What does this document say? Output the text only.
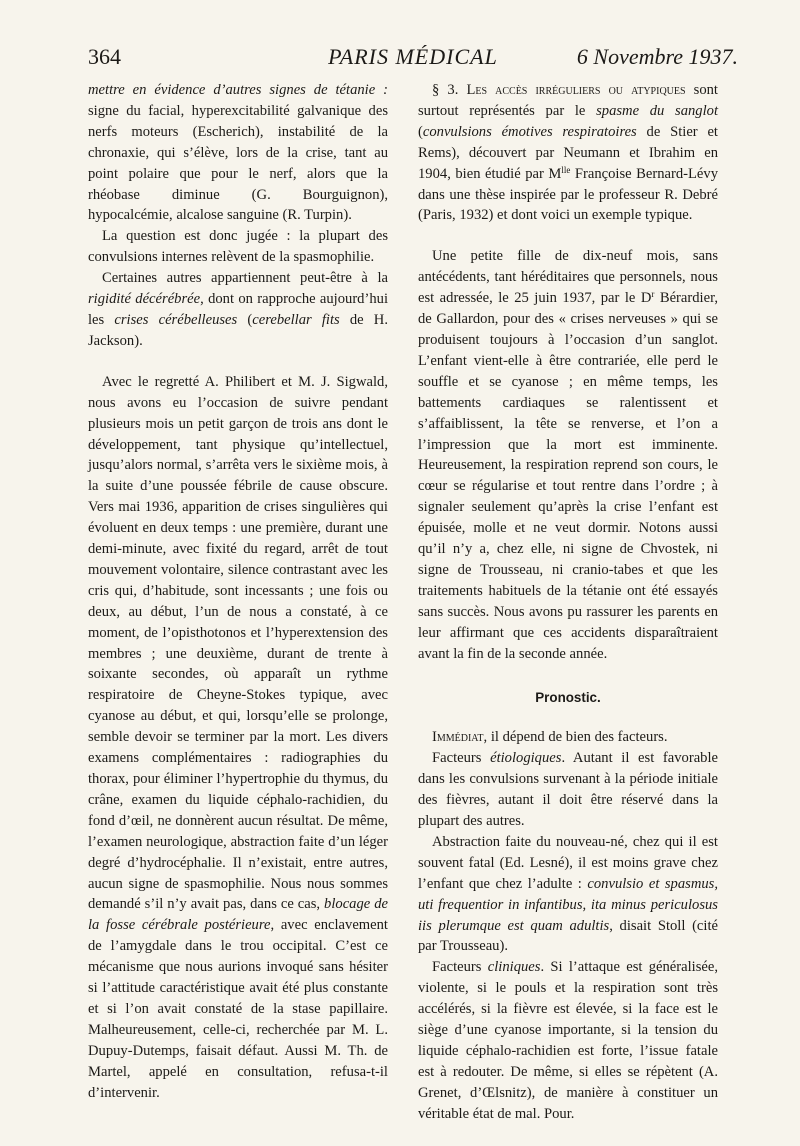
364	PARIS MÉDICAL	6 Novembre 1937.

mettre en évidence d’autres signes de tétanie : signe du facial, hyperexcitabilité galvanique des nerfs moteurs (Escherich), instabilité de la chronaxie, qui s’élève, lors de la crise, tant au point polaire que pour le nerf, alors que la rhéobase diminue (G. Bourguignon), hypocalcémie, alcalose sanguine (R. Turpin).

La question est donc jugée : la plupart des convulsions internes relèvent de la spasmophilie.

Certaines autres appartiennent peut-être à la rigidité décérébrée, dont on rapproche aujourd’hui les crises cérébelleuses (cerebellar fits de H. Jackson).

Avec le regretté A. Philibert et M. J. Sigwald, nous avons eu l’occasion de suivre pendant plusieurs mois un petit garçon de trois ans dont le développement, tant physique qu’intellectuel, jusqu’alors normal, s’arrêta vers le sixième mois, à la suite d’une poussée fébrile de cause obscure. Vers mai 1936, apparition de crises singulières qui évoluent en deux temps : une première, durant une demi-minute, avec fixité du regard, arrêt de tout mouvement volontaire, silence contrastant avec les cris qui, d’habitude, sont incessants ; une fois ou deux, au début, l’un de nous a constaté, à ce moment, de l’opisthotonos et l’hyperextension des membres ; une deuxième, durant de trente à soixante secondes, où apparaît un rythme respiratoire de Cheyne-Stokes typique, avec cyanose au début, et qui, lorsqu’elle se prolonge, semble devoir se terminer par la mort. Les divers examens complémentaires : radiographies du thorax, pour éliminer l’hypertrophie du thymus, du crâne, examen du liquide céphalo-rachidien, du fond d’œil, ne donnèrent aucun résultat. De même, l’examen neurologique, abstraction faite d’un léger degré d’hydrocéphalie. Il n’existait, entre autres, aucun signe de spasmophilie. Nous nous sommes demandé s’il n’y avait pas, dans ce cas, blocage de la fosse cérébrale postérieure, avec enclavement de l’amygdale dans le trou occipital. C’est ce mécanisme que nous aurions invoqué sans hésiter si l’attitude caractéristique avait été plus constante et si l’on avait constaté de la stase papillaire. Malheureusement, celle-ci, recherchée par M. L. Dupuy-Dutemps, faisait défaut. Aussi M. Th. de Martel, appelé en consultation, refusa-t-il d’intervenir.

§ 3. Les accès irréguliers ou atypiques sont surtout représentés par le spasme du sanglot (convulsions émotives respiratoires de Stier et Rems), découvert par Neumann et Ibrahim en 1904, bien étudié par $M^{lle}$ Françoise Bernard-Lévy dans une thèse inspirée par le professeur R. Debré (Paris, 1932) et dont voici un exemple typique.

Une petite fille de dix-neuf mois, sans antécédents, tant héréditaires que personnels, nous est adressée, le 25 juin 1937, par le $D^r$ Bérardier, de Gallardon, pour des « crises nerveuses » qui se produisent toujours à l’occasion d’un sanglot. L’enfant vient-elle à être contrariée, elle perd le souffle et se cyanose ; en même temps, les battements cardiaques se ralentissent et s’affaiblissent, la tête se renverse, et l’on a l’impression que la mort est imminente. Heureusement, la respiration reprend son cours, le cœur se régularise et tout rentre dans l’ordre ; à signaler seulement qu’après la crise l’enfant est épuisée, molle et ne veut dormir. Notons aussi qu’il n’y a, chez elle, ni signe de Chvostek, ni signe de Trousseau, ni cranio-tabes et que les traitements habituels de la tétanie ont été essayés sans succès. Nous avons pu rassurer les parents en leur affirmant que ces accidents disparaîtraient avant la fin de la seconde année.

Pronostic.

Immédiat, il dépend de bien des facteurs.

Facteurs étiologiques. Autant il est favorable dans les convulsions survenant à la période initiale des fièvres, autant il doit être réservé dans la plupart des autres.

Abstraction faite du nouveau-né, chez qui il est souvent fatal (Ed. Lesné), il est moins grave chez l’enfant que chez l’adulte : convulsio et spasmus, uti frequentior in infantibus, ita minus periculosus iis plerumque est quam adultis, disait Stoll (cité par Trousseau).

Facteurs cliniques. Si l’attaque est généralisée, violente, si le pouls et la respiration sont très accélérés, si la fièvre est élevée, si la face est le siège d’une cyanose importante, si la tension du liquide céphalo-rachidien est forte, l’issue fatale est à redouter. De même, si elles se répètent (A. Grenet, d’Œlsnitz), de manière à constituer un véritable état de mal. Pour.
